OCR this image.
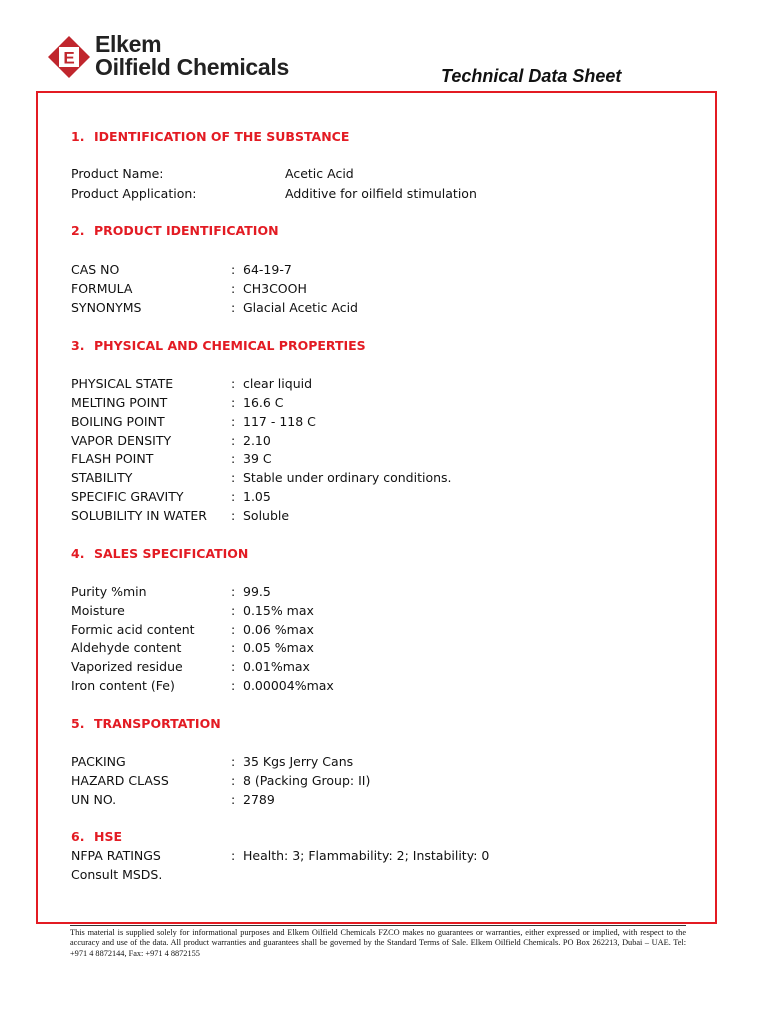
E
Elkem
Oilfield Chemicals	Technical Data Sheet
1. IDENTIFICATION OF THE SUBSTANCE
Product Name:	Acetic Acid
Product Application:	Additive for oilfield stimulation
2. PRODUCT IDENTIFICATION
CAS NO	: 64-19-7
FORMULA	: CH3COOH
SYNONYMS	: Glacial Acetic Acid
3. PHYSICAL AND CHEMICAL PROPERTIES
PHYSICAL STATE	: clear liquid
MELTING POINT	: 16.6 C
BOILING POINT	: 117 - 118 C
VAPOR DENSITY	: 2.10
FLASH POINT	: 39 C
STABILITY	: Stable under ordinary conditions.
SPECIFIC GRAVITY	: 1.05
SOLUBILITY IN WATER : Soluble
4. SALES SPECIFICATION
Purity %min	: 99.5
Moisture	: 0.15% max
Formic acid content	: 0.06 %max
Aldehyde content	: 0.05 %max
Vaporized residue	: 0.01%max
Iron content (Fe)	: 0.00004%max
5. TRANSPORTATION
PACKING	: 35 Kgs Jerry Cans
HAZARD CLASS	: 8 (Packing Group: II)
UN NO.	: 2789
6. HSE
NFPA RATINGS	: Health: 3; Flammability: 2; Instability: 0
Consult MSDS.
This material is supplied solely for informational purposes and Elkem Oilfield Chemicals FZCO makes no guarantees or warranties, either expressed or implied, with respect to the accuracy and use of the data. All product warranties and guarantees shall be governed by the Standard Terms of Sale. Elkem Oilfield Chemicals. PO Box 262213, Dubai – UAE. Tel: +971 4 8872144, Fax: +971 4 8872155
